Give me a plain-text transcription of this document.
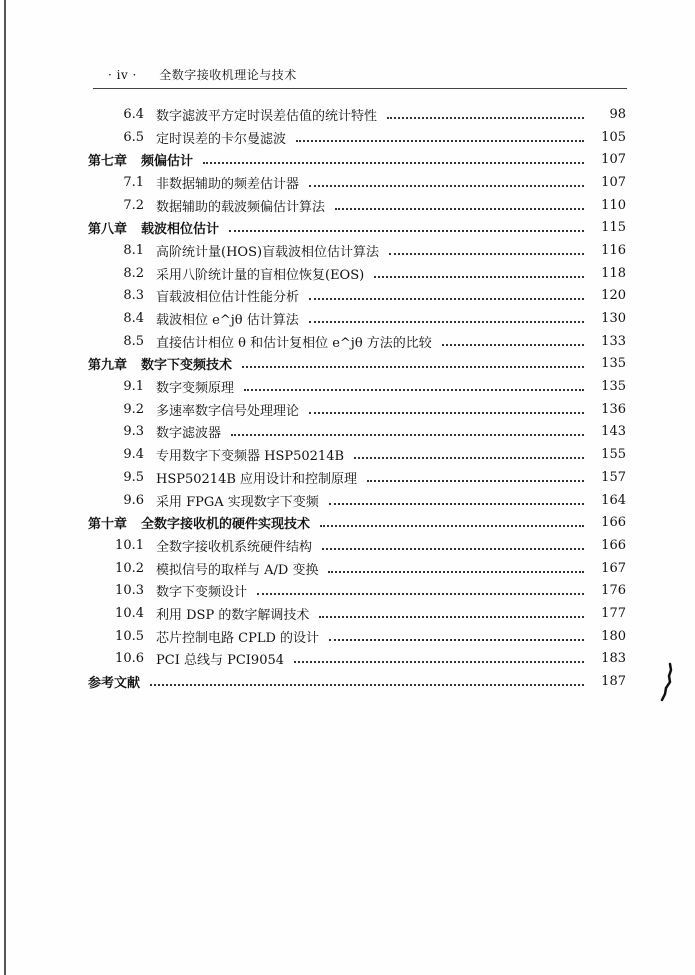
· iv · 全数字接收机理论与技术
6.4 数字滤波平方定时误差估值的统计特性	98
6.5 定时误差的卡尔曼滤波	105
第七章	频偏估计	107
7.1 非数据辅助的频差估计器	107
7.2 数据辅助的载波频偏估计算法	110
第八章	载波相位估计	115
8.1 高阶统计量(HOS)盲载波相位估计算法	116
8.2 采用八阶统计量的盲相位恢复(EOS)	118
8.3 盲载波相位估计性能分析	120
8.4 载波相位 e^jθ 估计算法	130
8.5 直接估计相位 θ 和估计复相位 e^jθ 方法的比较	133
第九章	数字下变频技术	135
9.1 数字变频原理	135
9.2 多速率数字信号处理理论	136
9.3 数字滤波器	143
9.4 专用数字下变频器 HSP50214B	155
9.5 HSP50214B 应用设计和控制原理	157
9.6 采用 FPGA 实现数字下变频	164
第十章	全数字接收机的硬件实现技术	166
10.1 全数字接收机系统硬件结构	166
10.2 模拟信号的取样与 A/D 变换	167
10.3 数字下变频设计	176
10.4 利用 DSP 的数字解调技术	177
10.5 芯片控制电路 CPLD 的设计	180
10.6 PCI 总线与 PCI9054	183
参考文献	187
